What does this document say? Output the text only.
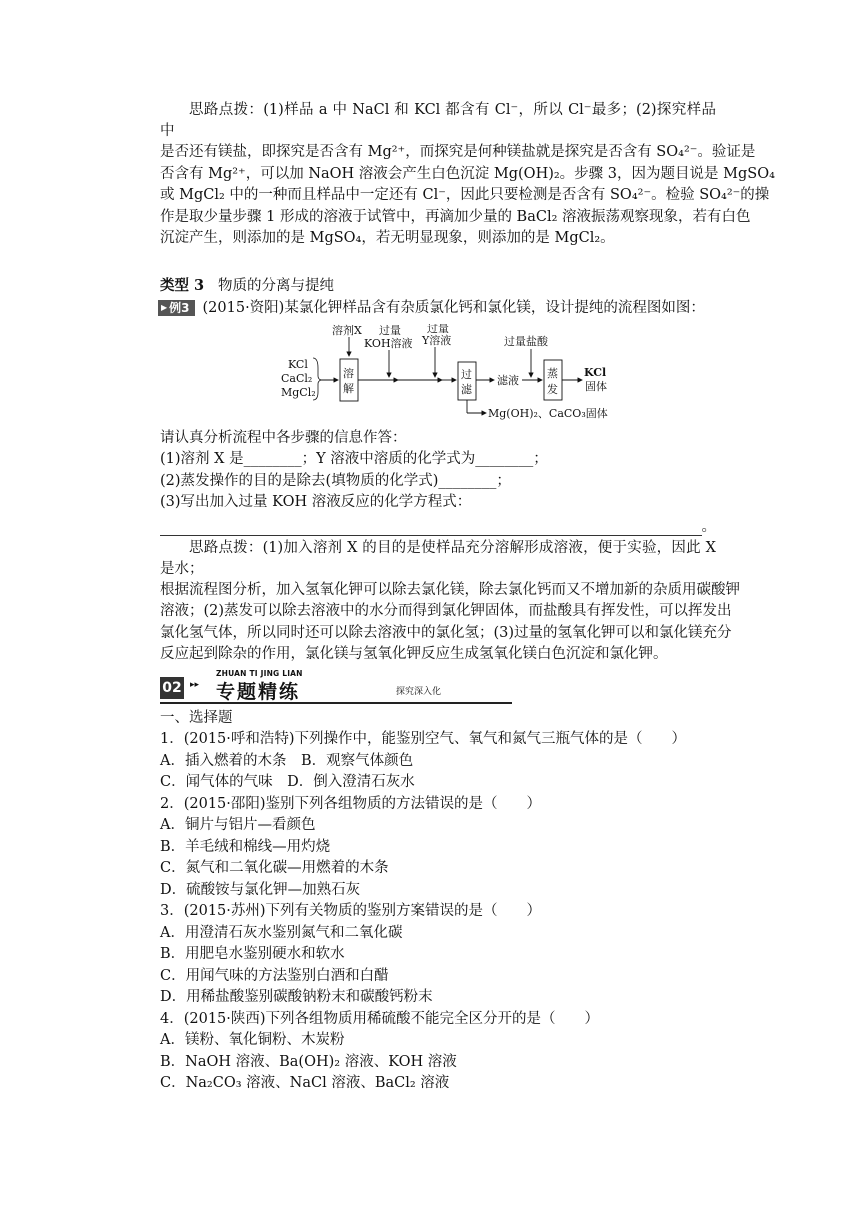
思路点拨：(1)样品 a 中 NaCl 和 KCl 都含有 Cl⁻，所以 Cl⁻最多；(2)探究样品中

是否还有镁盐，即探究是否含有 Mg²⁺，而探究是何种镁盐就是探究是否含有 SO₄²⁻。验证是

否含有 Mg²⁺，可以加 NaOH 溶液会产生白色沉淀 Mg(OH)₂。步骤 3，因为题目说是 MgSO₄

或 MgCl₂ 中的一种而且样品中一定还有 Cl⁻，因此只要检测是否含有 SO₄²⁻。检验 SO₄²⁻的操

作是取少量步骤 1 形成的溶液于试管中，再滴加少量的 BaCl₂ 溶液振荡观察现象，若有白色

沉淀产生，则添加的是 MgSO₄，若无明显现象，则添加的是 MgCl₂。

类型 3 物质的分离与提纯
▶ 例3 (2015·资阳)某氯化钾样品含有杂质氯化钙和氯化镁，设计提纯的流程图如图：
KCl
CaCl₂
MgCl₂
溶剂X
溶
解
过量
KOH溶液
过量
Y溶液
过
滤
滤液
过量盐酸
蒸
发
KCl
固体
Mg(OH)₂、CaCO₃固体

请认真分析流程中各步骤的信息作答：

(1)溶剂 X 是________；Y 溶液中溶质的化学式为________；

(2)蒸发操作的目的是除去(填物质的化学式)________；

(3)写出加入过量 KOH 溶液反应的化学方程式：

。

思路点拨：(1)加入溶剂 X 的目的是使样品充分溶解形成溶液，便于实验，因此 X 是水；

根据流程图分析，加入氢氧化钾可以除去氯化镁，除去氯化钙而又不增加新的杂质用碳酸钾

溶液；(2)蒸发可以除去溶液中的水分而得到氯化钾固体，而盐酸具有挥发性，可以挥发出

氯化氢气体，所以同时还可以除去溶液中的氯化氢；(3)过量的氢氧化钾可以和氯化镁充分

反应起到除杂的作用，氯化镁与氢氧化钾反应生成氢氧化镁白色沉淀和氯化钾。

02 ▸▸
ZHUAN TI JING LIAN
专题精练	探究深入化

一、选择题

1．(2015·呼和浩特)下列操作中，能鉴别空气、氧气和氮气三瓶气体的是（　　）

A．插入燃着的木条　B．观察气体颜色

C．闻气体的气味　D．倒入澄清石灰水

2．(2015·邵阳)鉴别下列各组物质的方法错误的是（　　）

A．铜片与铝片—看颜色

B．羊毛绒和棉线—用灼烧

C．氮气和二氧化碳—用燃着的木条

D．硫酸铵与氯化钾—加熟石灰

3．(2015·苏州)下列有关物质的鉴别方案错误的是（　　）

A．用澄清石灰水鉴别氮气和二氧化碳

B．用肥皂水鉴别硬水和软水

C．用闻气味的方法鉴别白酒和白醋

D．用稀盐酸鉴别碳酸钠粉末和碳酸钙粉末

4．(2015·陕西)下列各组物质用稀硫酸不能完全区分开的是（　　）

A．镁粉、氧化铜粉、木炭粉

B．NaOH 溶液、Ba(OH)₂ 溶液、KOH 溶液

C．Na₂CO₃ 溶液、NaCl 溶液、BaCl₂ 溶液
